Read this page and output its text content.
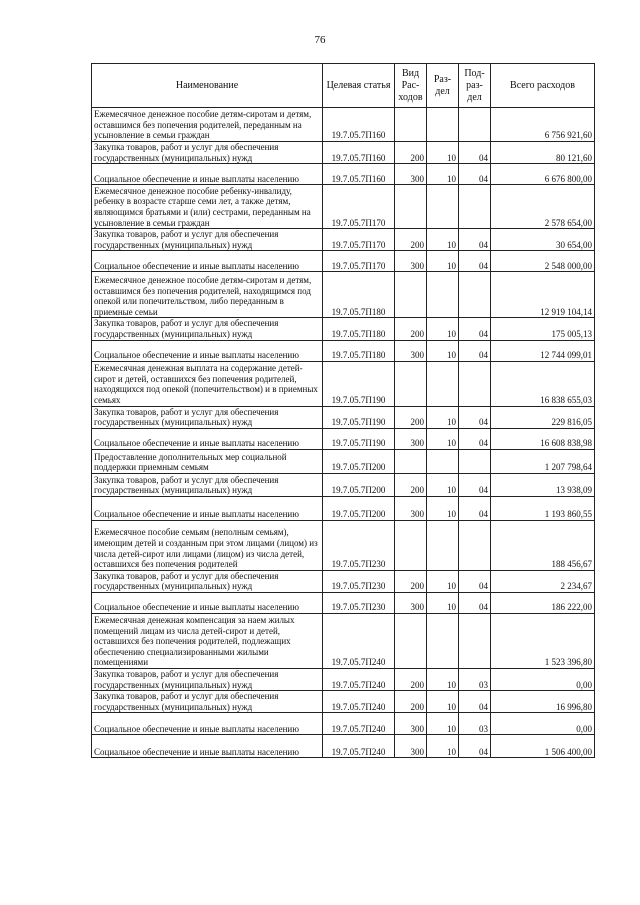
76
Наименование	Целевая статья	Вид Рас-ходов	Раз-дел	Под-раз-дел	Всего расходов
Ежемесячное денежное пособие детям-сиротам и детям, оставшимся без попечения родителей, переданным на усыновление в семьи граждан	19.7.05.7П160				6 756 921,60
Закупка товаров, работ и услуг для обеспечения государственных (муниципальных) нужд	19.7.05.7П160	200	10	04	80 121,60
Социальное обеспечение и иные выплаты населению	19.7.05.7П160	300	10	04	6 676 800,00
Ежемесячное денежное пособие ребенку-инвалиду, ребенку в возрасте старше семи лет, а также детям, являющимся братьями и (или) сестрами, переданным на усыновление в семьи граждан	19.7.05.7П170				2 578 654,00
Закупка товаров, работ и услуг для обеспечения государственных (муниципальных) нужд	19.7.05.7П170	200	10	04	30 654,00
Социальное обеспечение и иные выплаты населению	19.7.05.7П170	300	10	04	2 548 000,00
Ежемесячное денежное пособие детям-сиротам и детям, оставшимся без попечения родителей, находящимся под опекой или попечительством, либо переданным в приемные семьи	19.7.05.7П180				12 919 104,14
Закупка товаров, работ и услуг для обеспечения государственных (муниципальных) нужд	19.7.05.7П180	200	10	04	175 005,13
Социальное обеспечение и иные выплаты населению	19.7.05.7П180	300	10	04	12 744 099,01
Ежемесячная денежная выплата на содержание детей-сирот и детей, оставшихся без попечения родителей, находящихся под опекой (попечительством) и в приемных семьях	19.7.05.7П190				16 838 655,03
Закупка товаров, работ и услуг для обеспечения государственных (муниципальных) нужд	19.7.05.7П190	200	10	04	229 816,05
Социальное обеспечение и иные выплаты населению	19.7.05.7П190	300	10	04	16 608 838,98
Предоставление дополнительных мер социальной поддержки приемным семьям	19.7.05.7П200				1 207 798,64
Закупка товаров, работ и услуг для обеспечения государственных (муниципальных) нужд	19.7.05.7П200	200	10	04	13 938,09
Социальное обеспечение и иные выплаты населению	19.7.05.7П200	300	10	04	1 193 860,55
Ежемесячное пособие семьям (неполным семьям), имеющим детей и созданным при этом лицами (лицом) из числа детей-сирот или лицами (лицом) из числа детей, оставшихся без попечения родителей	19.7.05.7П230				188 456,67
Закупка товаров, работ и услуг для обеспечения государственных (муниципальных) нужд	19.7.05.7П230	200	10	04	2 234,67
Социальное обеспечение и иные выплаты населению	19.7.05.7П230	300	10	04	186 222,00
Ежемесячная денежная компенсация за наем жилых помещений лицам из числа детей-сирот и детей, оставшихся без попечения родителей, подлежащих обеспечению специализированными жилыми помещениями	19.7.05.7П240				1 523 396,80
Закупка товаров, работ и услуг для обеспечения государственных (муниципальных) нужд	19.7.05.7П240	200	10	03	0,00
Закупка товаров, работ и услуг для обеспечения государственных (муниципальных) нужд	19.7.05.7П240	200	10	04	16 996,80
Социальное обеспечение и иные выплаты населению	19.7.05.7П240	300	10	03	0,00
Социальное обеспечение и иные выплаты населению	19.7.05.7П240	300	10	04	1 506 400,00
